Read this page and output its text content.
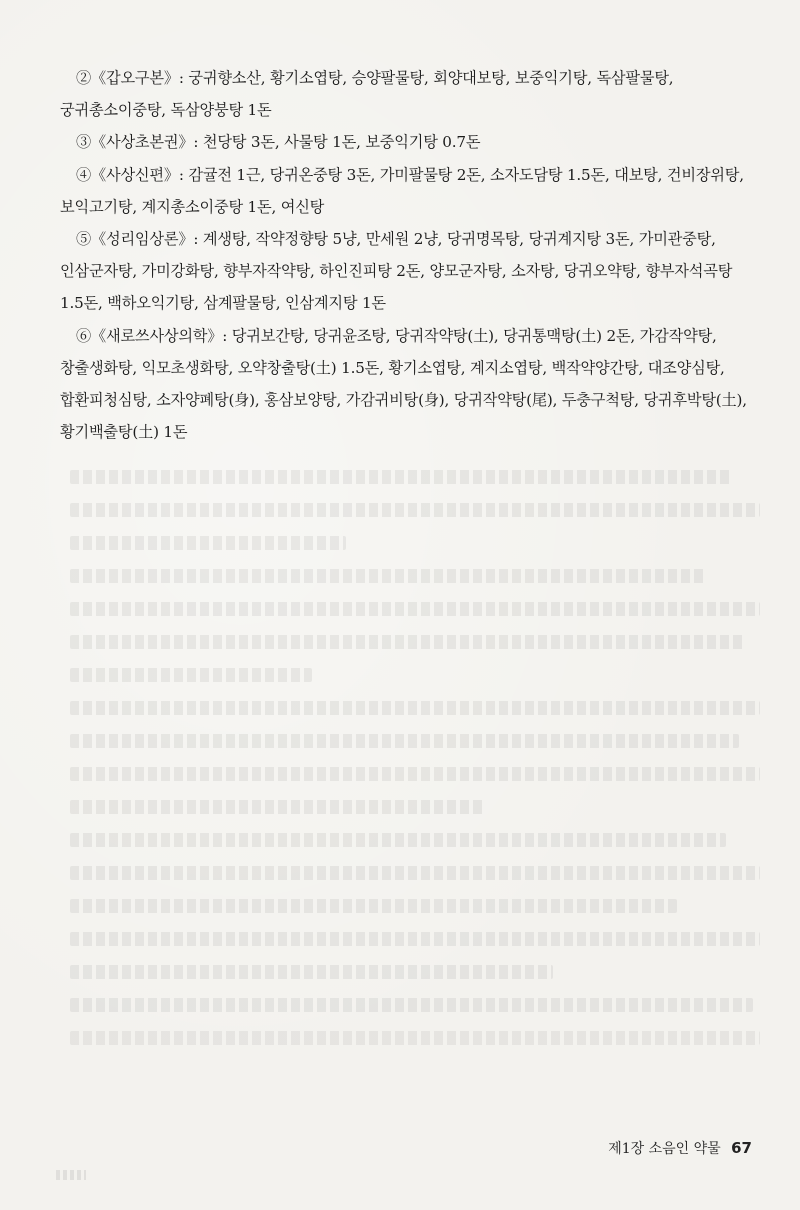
②《갑오구본》: 궁귀향소산, 황기소엽탕, 승양팔물탕, 회양대보탕, 보중익기탕, 독삼팔물탕, 궁귀총소이중탕, 독삼양붕탕 1돈

③《사상초본권》: 천당탕 3돈, 사물탕 1돈, 보중익기탕 0.7돈

④《사상신편》: 감귤전 1근, 당귀온중탕 3돈, 가미팔물탕 2돈, 소자도담탕 1.5돈, 대보탕, 건비장위탕, 보익고기탕, 계지총소이중탕 1돈, 여신탕

⑤《성리임상론》: 계생탕, 작약정향탕 5냥, 만세원 2냥, 당귀명목탕, 당귀계지탕 3돈, 가미관중탕, 인삼군자탕, 가미강화탕, 향부자작약탕, 하인진피탕 2돈, 양모군자탕, 소자탕, 당귀오약탕, 향부자석곡탕 1.5돈, 백하오익기탕, 삼계팔물탕, 인삼계지탕 1돈

⑥《새로쓰사상의학》: 당귀보간탕, 당귀윤조탕, 당귀작약탕(土), 당귀통맥탕(土) 2돈, 가감작약탕, 창출생화탕, 익모초생화탕, 오약창출탕(土) 1.5돈, 황기소엽탕, 계지소엽탕, 백작약양간탕, 대조양심탕, 합환피청심탕, 소자양폐탕(身), 홍삼보양탕, 가감귀비탕(身), 당귀작약탕(尾), 두충구척탕, 당귀후박탕(土), 황기백출탕(土) 1돈

제1장 소음인 약물 67
